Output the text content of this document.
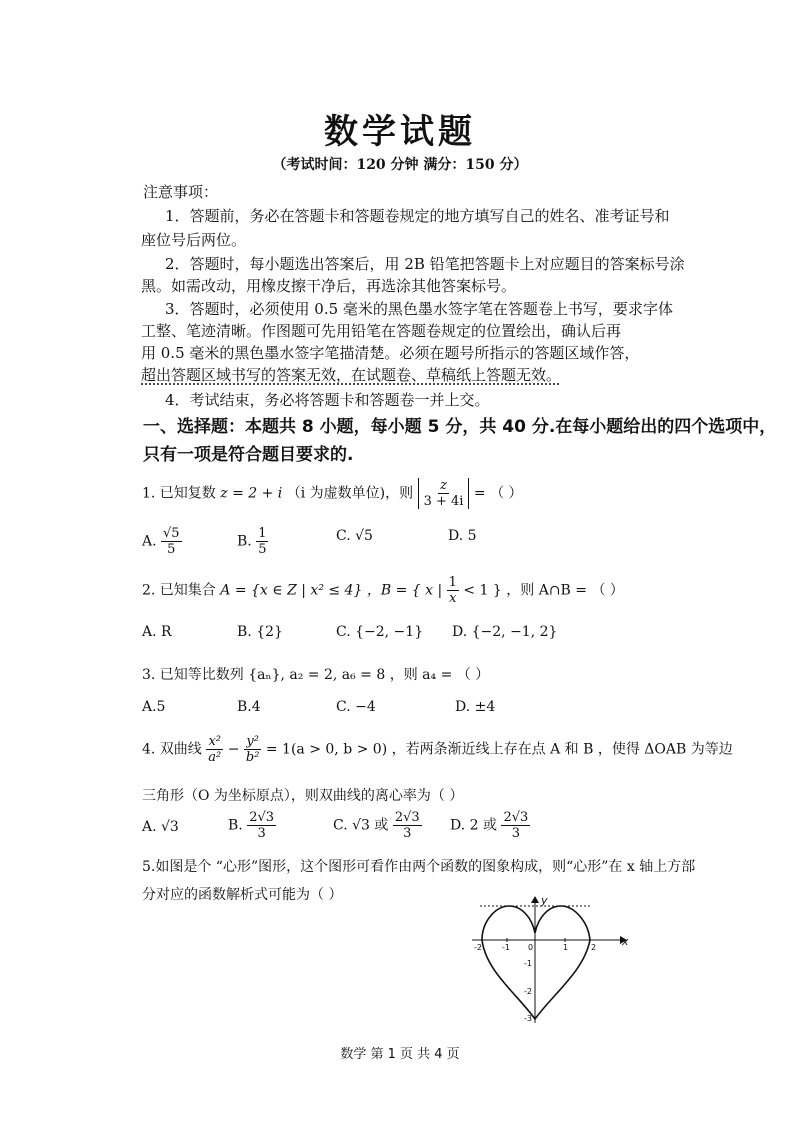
数学试题
（考试时间：120 分钟 满分：150 分）
注意事项：
1．答题前，务必在答题卡和答题卷规定的地方填写自己的姓名、准考证号和
座位号后两位。
2．答题时，每小题选出答案后，用 2B 铅笔把答题卡上对应题目的答案标号涂
黑。如需改动，用橡皮擦干净后，再选涂其他答案标号。
3．答题时，必须使用 0.5 毫米的黑色墨水签字笔在答题卷上书写，要求字体
工整、笔迹清晰。作图题可先用铅笔在答题卷规定的位置绘出，确认后再
用 0.5 毫米的黑色墨水签字笔描清楚。必须在题号所指示的答题区域作答，
超出答题区域书写的答案无效，在试题卷、草稿纸上答题无效。
4．考试结束，务必将答题卡和答题卷一并上交。
一、选择题：本题共 8 小题，每小题 5 分，共 40 分.在每小题给出的四个选项中，
只有一项是符合题目要求的.
1. 已知复数 z = 2 + i （i 为虚数单位)，则 $\frac{z}{3 + 4i}$ = （ ）
A. $\frac{√5}{5}$	B. $\frac{1}{5}$	C. √5	D. 5
2. 已知集合 A = {x ∈ Z | x² ≤ 4} ，B = { x | $\frac{1}{x} < 1$ } ，则 A∩B = （ ）
A. R	B. {2}	C. {−2, −1} D. {−2, −1, 2}
3. 已知等比数列 {aₙ}, a₂ = 2, a₆ = 8 ，则 a₄ = （ ）
A.5	B.4	C. −4	D. ±4
4. 双曲线 $\frac{\text{x²}}{\text{a²}} - \frac{\text{y²}}{\text{b²}} = 1(a > 0$, b > 0) ，若两条渐近线上存在点 A 和 B ，使得 ΔOAB 为等边
三角形（O 为坐标原点），则双曲线的离心率为（ ）
A. √3	B. $\frac{2√3}{3}$	C. √3 或 $\frac{2√3}{3} D$. 2 或 $\frac{2√3}{3}$
5.如图是个 “心形”图形，这个图形可看作由两个函数的图象构成，则“心形”在 x 轴上方部
分对应的函数解析式可能为（ ）
x
y
0
-2	-1	1	2
-1
-2
-3
数学 第 1 页 共 4 页
